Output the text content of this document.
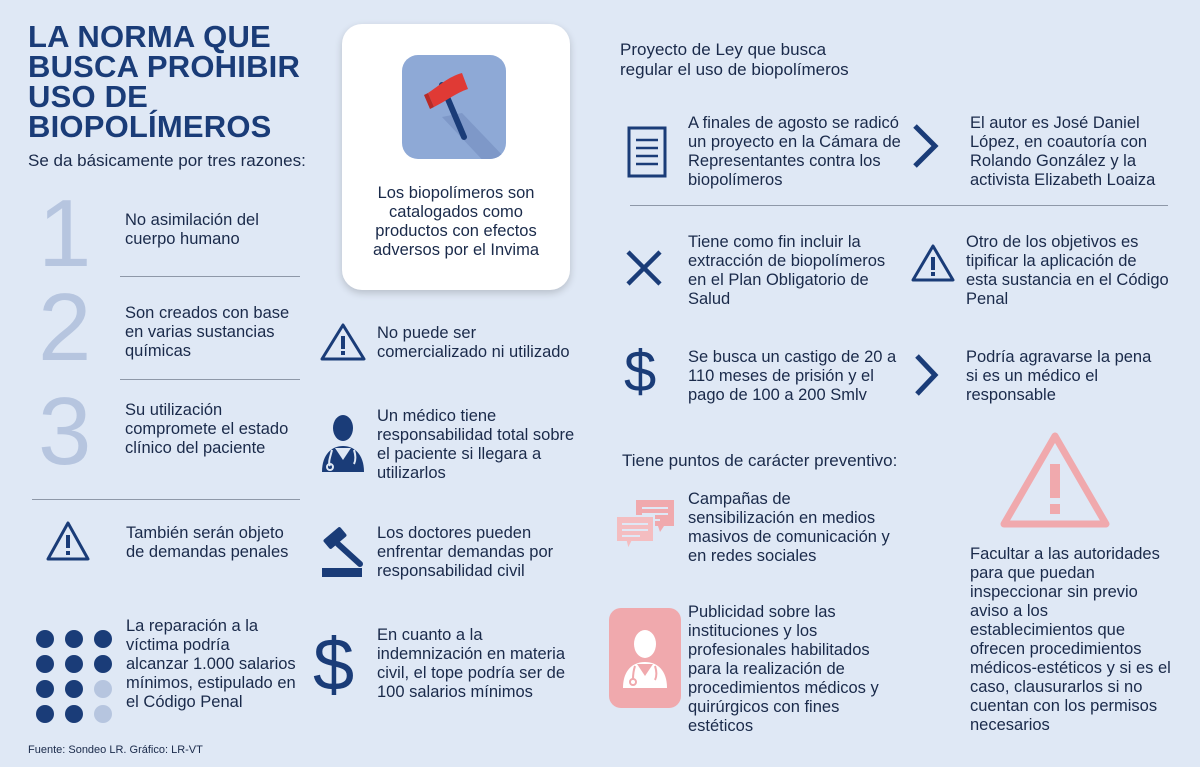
LA NORMA QUE BUSCA PROHIBIR USO DE BIOPOLÍMEROS
Se da básicamente por tres razones:
1 No asimilación del cuerpo humano
2 Son creados con base en varias sustancias químicas
3 Su utilización compromete el estado clínico del paciente
También serán objeto de demandas penales
La reparación a la víctima podría alcanzar 1.000 salarios mínimos, estipulado en el Código Penal
Los biopolímeros son catalogados como productos con efectos adversos por el Invima
No puede ser comercializado ni utilizado
Un médico tiene responsabilidad total sobre el paciente si llegara a utilizarlos
Los doctores pueden enfrentar demandas por responsabilidad civil
$ En cuanto a la indemnización en materia civil, el tope podría ser de 100 salarios mínimos
Proyecto de Ley que busca
regular el uso de biopolímeros
A finales de agosto se radicó un proyecto en la Cámara de Representantes contra los biopolímeros
El autor es José Daniel López, en coautoría con Rolando González y la activista Elizabeth Loaiza
Tiene como fin incluir la extracción de biopolímeros en el Plan Obligatorio de Salud
Otro de los objetivos es tipificar la aplicación de esta sustancia en el Código Penal
$ Se busca un castigo de 20 a 110 meses de prisión y el pago de 100 a 200 Smlv
Podría agravarse la pena si es un médico el responsable
Tiene puntos de carácter preventivo:
Campañas de sensibilización en medios masivos de comunicación y en redes sociales
Publicidad sobre las instituciones y los profesionales habilitados para la realización de procedimientos médicos y quirúrgicos con fines estéticos
Facultar a las autoridades para que puedan inspeccionar sin previo aviso a los establecimientos que ofrecen procedimientos médicos-estéticos y si es el caso, clausurarlos si no cuentan con los permisos necesarios
Fuente: Sondeo LR. Gráfico: LR-VT
